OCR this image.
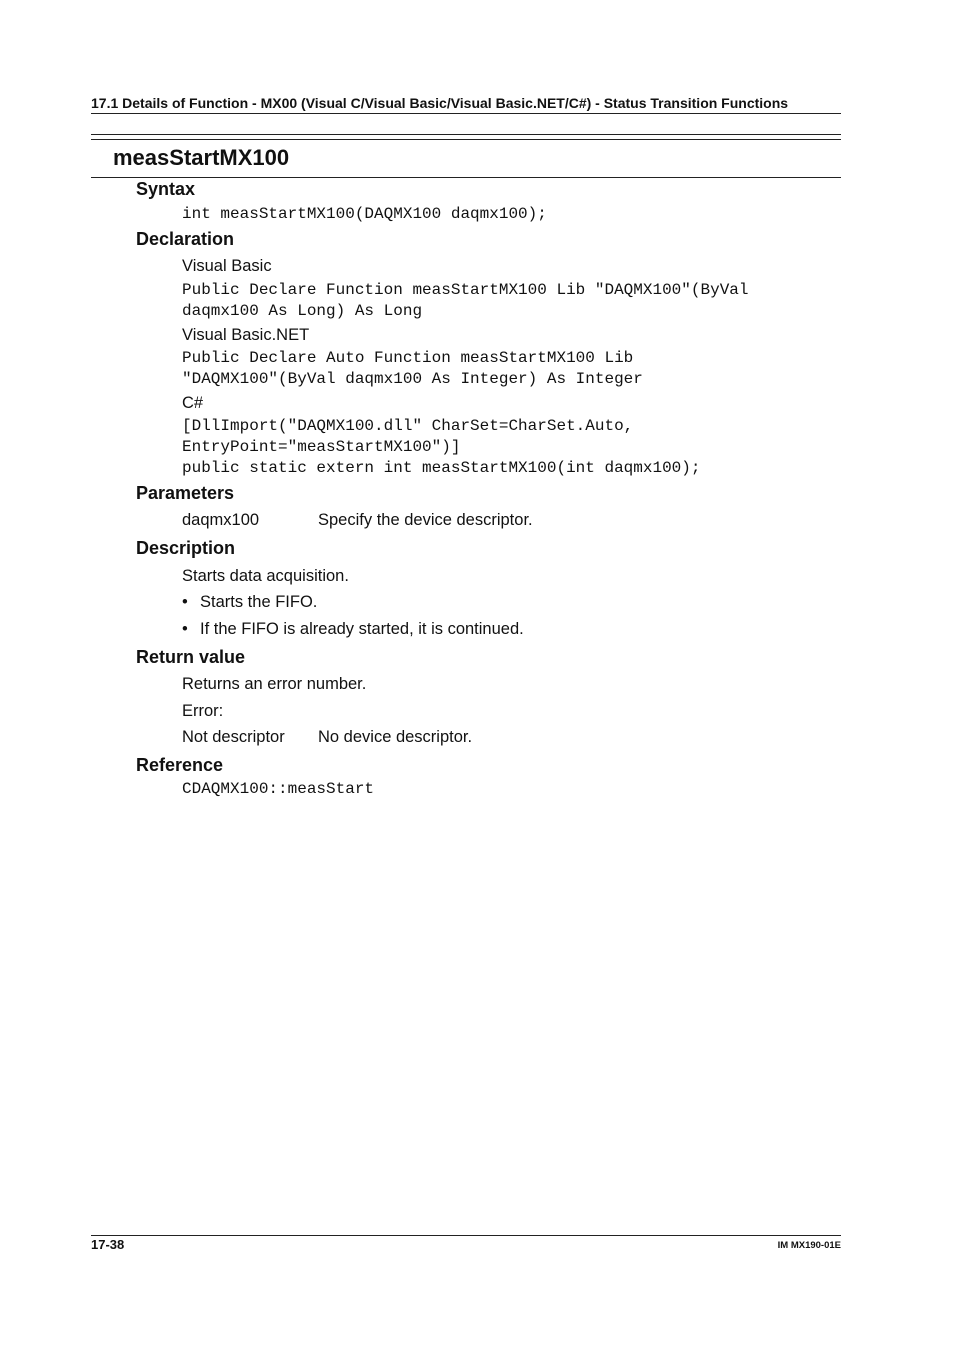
17.1 Details of Function - MX00 (Visual C/Visual Basic/Visual Basic.NET/C#) - Status Transition Functions
measStartMX100
Syntax
int measStartMX100(DAQMX100 daqmx100);
Declaration
Visual Basic
Public Declare Function measStartMX100 Lib "DAQMX100"(ByVal
daqmx100 As Long) As Long
Visual Basic.NET
Public Declare Auto Function measStartMX100 Lib
"DAQMX100"(ByVal daqmx100 As Integer) As Integer
C#
[DllImport("DAQMX100.dll" CharSet=CharSet.Auto,
EntryPoint="measStartMX100")]
public static extern int measStartMX100(int daqmx100);
Parameters
daqmx100	Specify the device descriptor.
Description
Starts data acquisition.
• Starts the FIFO.
• If the FIFO is already started, it is continued.
Return value
Returns an error number.
Error:
Not descriptor No device descriptor.
Reference
CDAQMX100::measStart
17-38	IM MX190-01E
